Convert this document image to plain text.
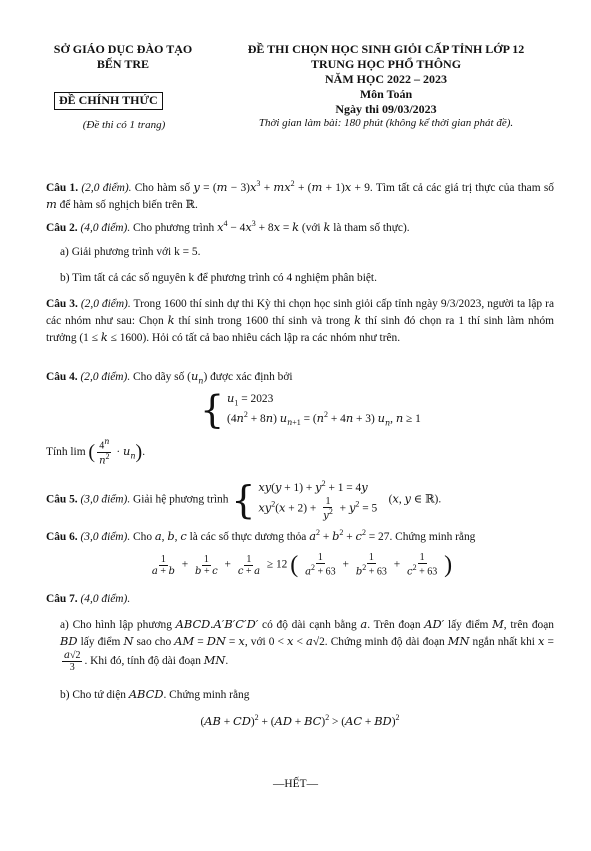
SỞ GIÁO DỤC ĐÀO TẠO
BẾN TRE
ĐỀ THI CHỌN HỌC SINH GIỎI CẤP TỈNH LỚP 12
TRUNG HỌC PHỔ THÔNG
NĂM HỌC 2022 – 2023
Môn Toán
Ngày thi 09/03/2023
Thời gian làm bài: 180 phút (không kể thời gian phát đề).
ĐỀ CHÍNH THỨC
(Đề thi có 1 trang)
Câu 1. (2,0 điểm). Cho hàm số $y = (m - 3)x^3 + mx^2 + (m + 1)x + 9$. Tìm tất cả các giá trị thực của tham số m để hàm số nghịch biến trên ℝ.
Câu 2. (4,0 điểm). Cho phương trình $x^4 - 4x^3 + 8x = k$ (với k là tham số thực).
a) Giải phương trình với k = 5.
b) Tìm tất cả các số nguyên k để phương trình có 4 nghiệm phân biệt.
Câu 3. (2,0 điểm). Trong 1600 thí sinh dự thi Kỳ thi chọn học sinh giỏi cấp tỉnh ngày 9/3/2023, người ta lập ra các nhóm như sau: Chọn k thí sinh trong 1600 thí sinh và trong k thí sinh đó chọn ra 1 thí sinh làm nhóm trưởng (1 ≤ k ≤ 1600). Hỏi có tất cả bao nhiêu cách lập ra các nhóm như trên.
Câu 4. (2,0 điểm). Cho dãy số $(u_n)$ được xác định bởi
{ $u_1 = 2023$
$(4n^2 + 8n) u_{n+1} = (n^2 + 4n + 3)$ $u_n$, n ≥ 1
Tính lim ( $\frac{4^n}{n^2} \cdot u_n$).
Câu 5. (3,0 điểm). Giải hệ phương trình { $xy(y + 1) + y^2 + 1 = 4y$
$xy^2(x + 2) + \frac{1}{y^2} + y^2 = 5$    (x, y ∈ ℝ).
Câu 6. (3,0 điểm). Cho a, b, c là các số thực dương thỏa $a^2 + b^2 + c^2 = 27$. Chứng minh rằng
$\frac{1}{a + b} + \frac{1}{b + c} + \frac{1}{c + a} \ge 12$ ( $\frac{1}{a^2 + 63} + \frac{1}{b^2 + 63} + \frac{1}{c^2 + 63}$ )
Câu 7. (4,0 điểm).
a) Cho hình lập phương ABCD.A′B′C′D′ có độ dài cạnh bằng a. Trên đoạn AD′ lấy điểm M, trên đoạn BD lấy điểm N sao cho AM = DN = x, với 0 < x < a√2. Chứng minh độ dài đoạn MN ngắn nhất khi x =
$\frac{a√2}{3}$ . Khi đó, tính độ dài đoạn MN.
b) Cho tứ diện ABCD. Chứng minh rằng
(AB + CD)$^2$ + (AD + BC)$^2$ > (AC + BD)$^2$
—HẾT—
